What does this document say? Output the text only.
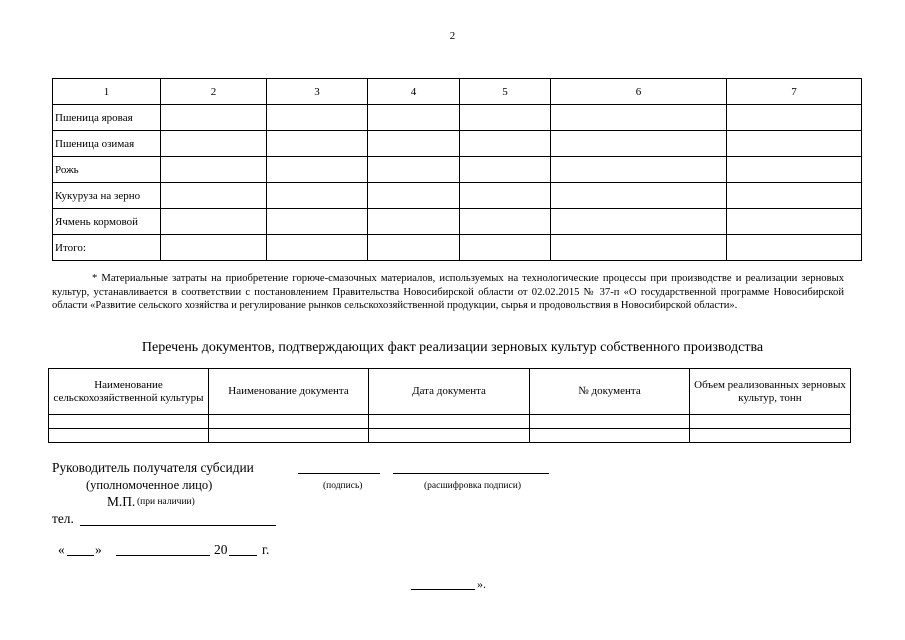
2
1	2	3	4	5	6	7
Пшеница яровая						
Пшеница озимая						
Рожь						
Кукуруза на зерно						
Ячмень кормовой						
Итого:						
* Материальные затраты на приобретение горюче-смазочных материалов, используемых на технологические процессы при производстве и реализации зерновых культур, устанавливается в соответствии с постановлением Правительства Новосибирской области от 02.02.2015 № 37-п «О государственной программе Новосибирской области «Развитие сельского хозяйства и регулирование рынков сельскохозяйственной продукции, сырья и продовольствия в Новосибирской области».
Перечень документов, подтверждающих факт реализации зерновых культур собственного производства
Наименование сельскохозяйственной культуры	Наименование документа	Дата документа	№ документа	Объем реализованных зерновых культур, тонн

Руководитель получателя субсидии
(уполномоченное лицо)	(подпись)	(расшифровка подписи)
М.П. (при наличии)
тел.
« »	20	г.
».
